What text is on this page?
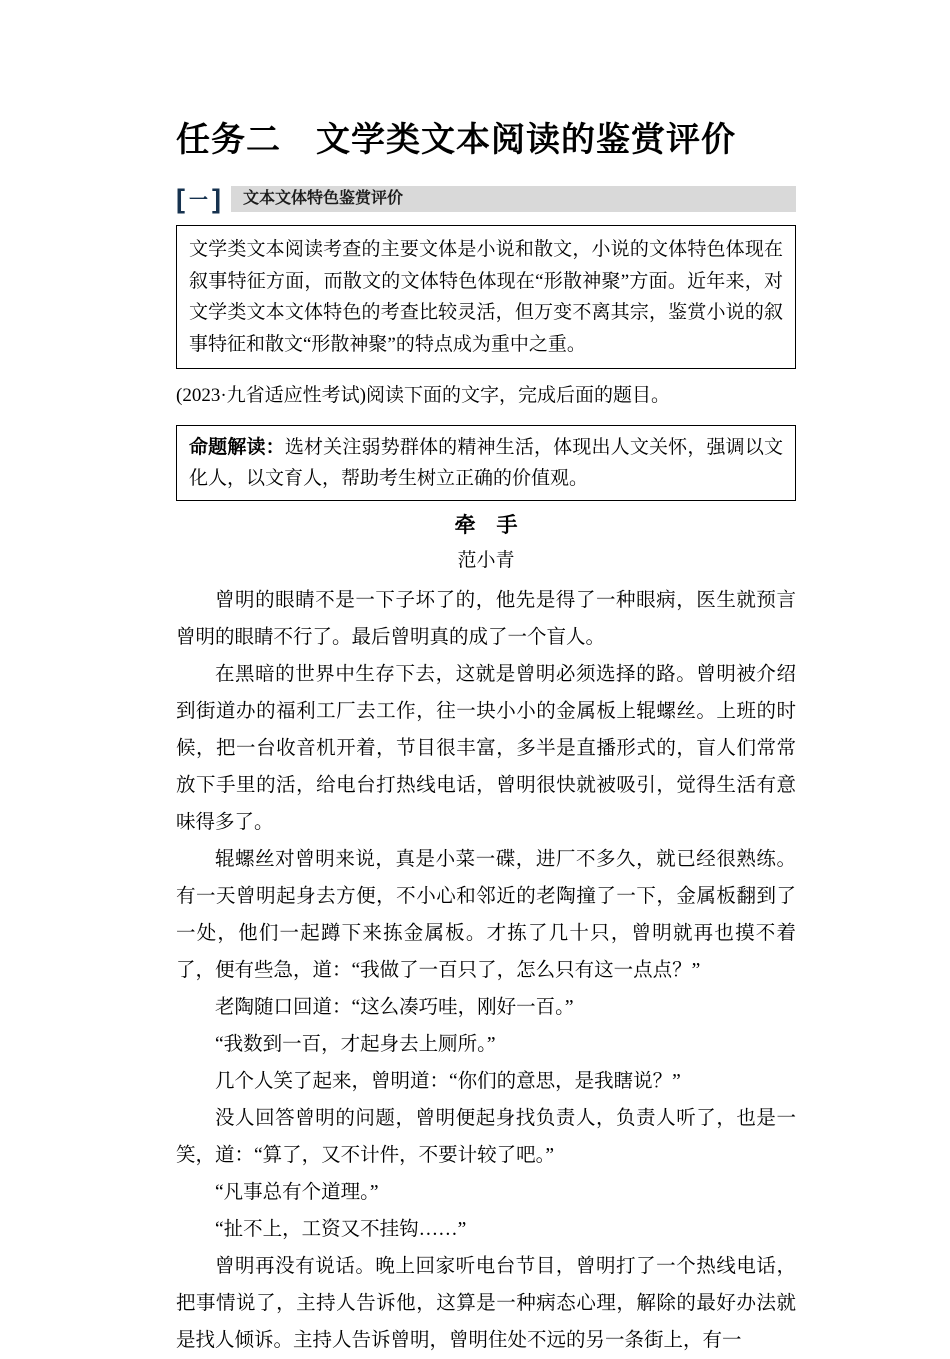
任务二　文学类文本阅读的鉴赏评价
[ 一 ]	文本文体特色鉴赏评价
文学类文本阅读考查的主要文体是小说和散文，小说的文体特色体现在叙事特征方面，而散文的文体特色体现在“形散神聚”方面。近年来，对文学类文本文体特色的考查比较灵活，但万变不离其宗，鉴赏小说的叙事特征和散文“形散神聚”的特点成为重中之重。
(2023·九省适应性考试)阅读下面的文字，完成后面的题目。
命题解读：选材关注弱势群体的精神生活，体现出人文关怀，强调以文化人，以文育人，帮助考生树立正确的价值观。
牵　手
范小青

曾明的眼睛不是一下子坏了的，他先是得了一种眼病，医生就预言曾明的眼睛不行了。最后曾明真的成了一个盲人。

在黑暗的世界中生存下去，这就是曾明必须选择的路。曾明被介绍到街道办的福利工厂去工作，往一块小小的金属板上辊螺丝。上班的时候，把一台收音机开着，节目很丰富，多半是直播形式的，盲人们常常放下手里的活，给电台打热线电话，曾明很快就被吸引，觉得生活有意味得多了。

辊螺丝对曾明来说，真是小菜一碟，进厂不多久，就已经很熟练。有一天曾明起身去方便，不小心和邻近的老陶撞了一下，金属板翻到了一处，他们一起蹲下来拣金属板。才拣了几十只，曾明就再也摸不着了，便有些急，道：“我做了一百只了，怎么只有这一点点？”

老陶随口回道：“这么凑巧哇，刚好一百。”

“我数到一百，才起身去上厕所。”

几个人笑了起来，曾明道：“你们的意思，是我瞎说？”

没人回答曾明的问题，曾明便起身找负责人，负责人听了，也是一笑，道：“算了，又不计件，不要计较了吧。”

“凡事总有个道理。”

“扯不上，工资又不挂钩……”

曾明再没有说话。晚上回家听电台节目，曾明打了一个热线电话，把事情说了，主持人告诉他，这算是一种病态心理，解除的最好办法就是找人倾诉。主持人告诉曾明，曾明住处不远的另一条街上，有一
